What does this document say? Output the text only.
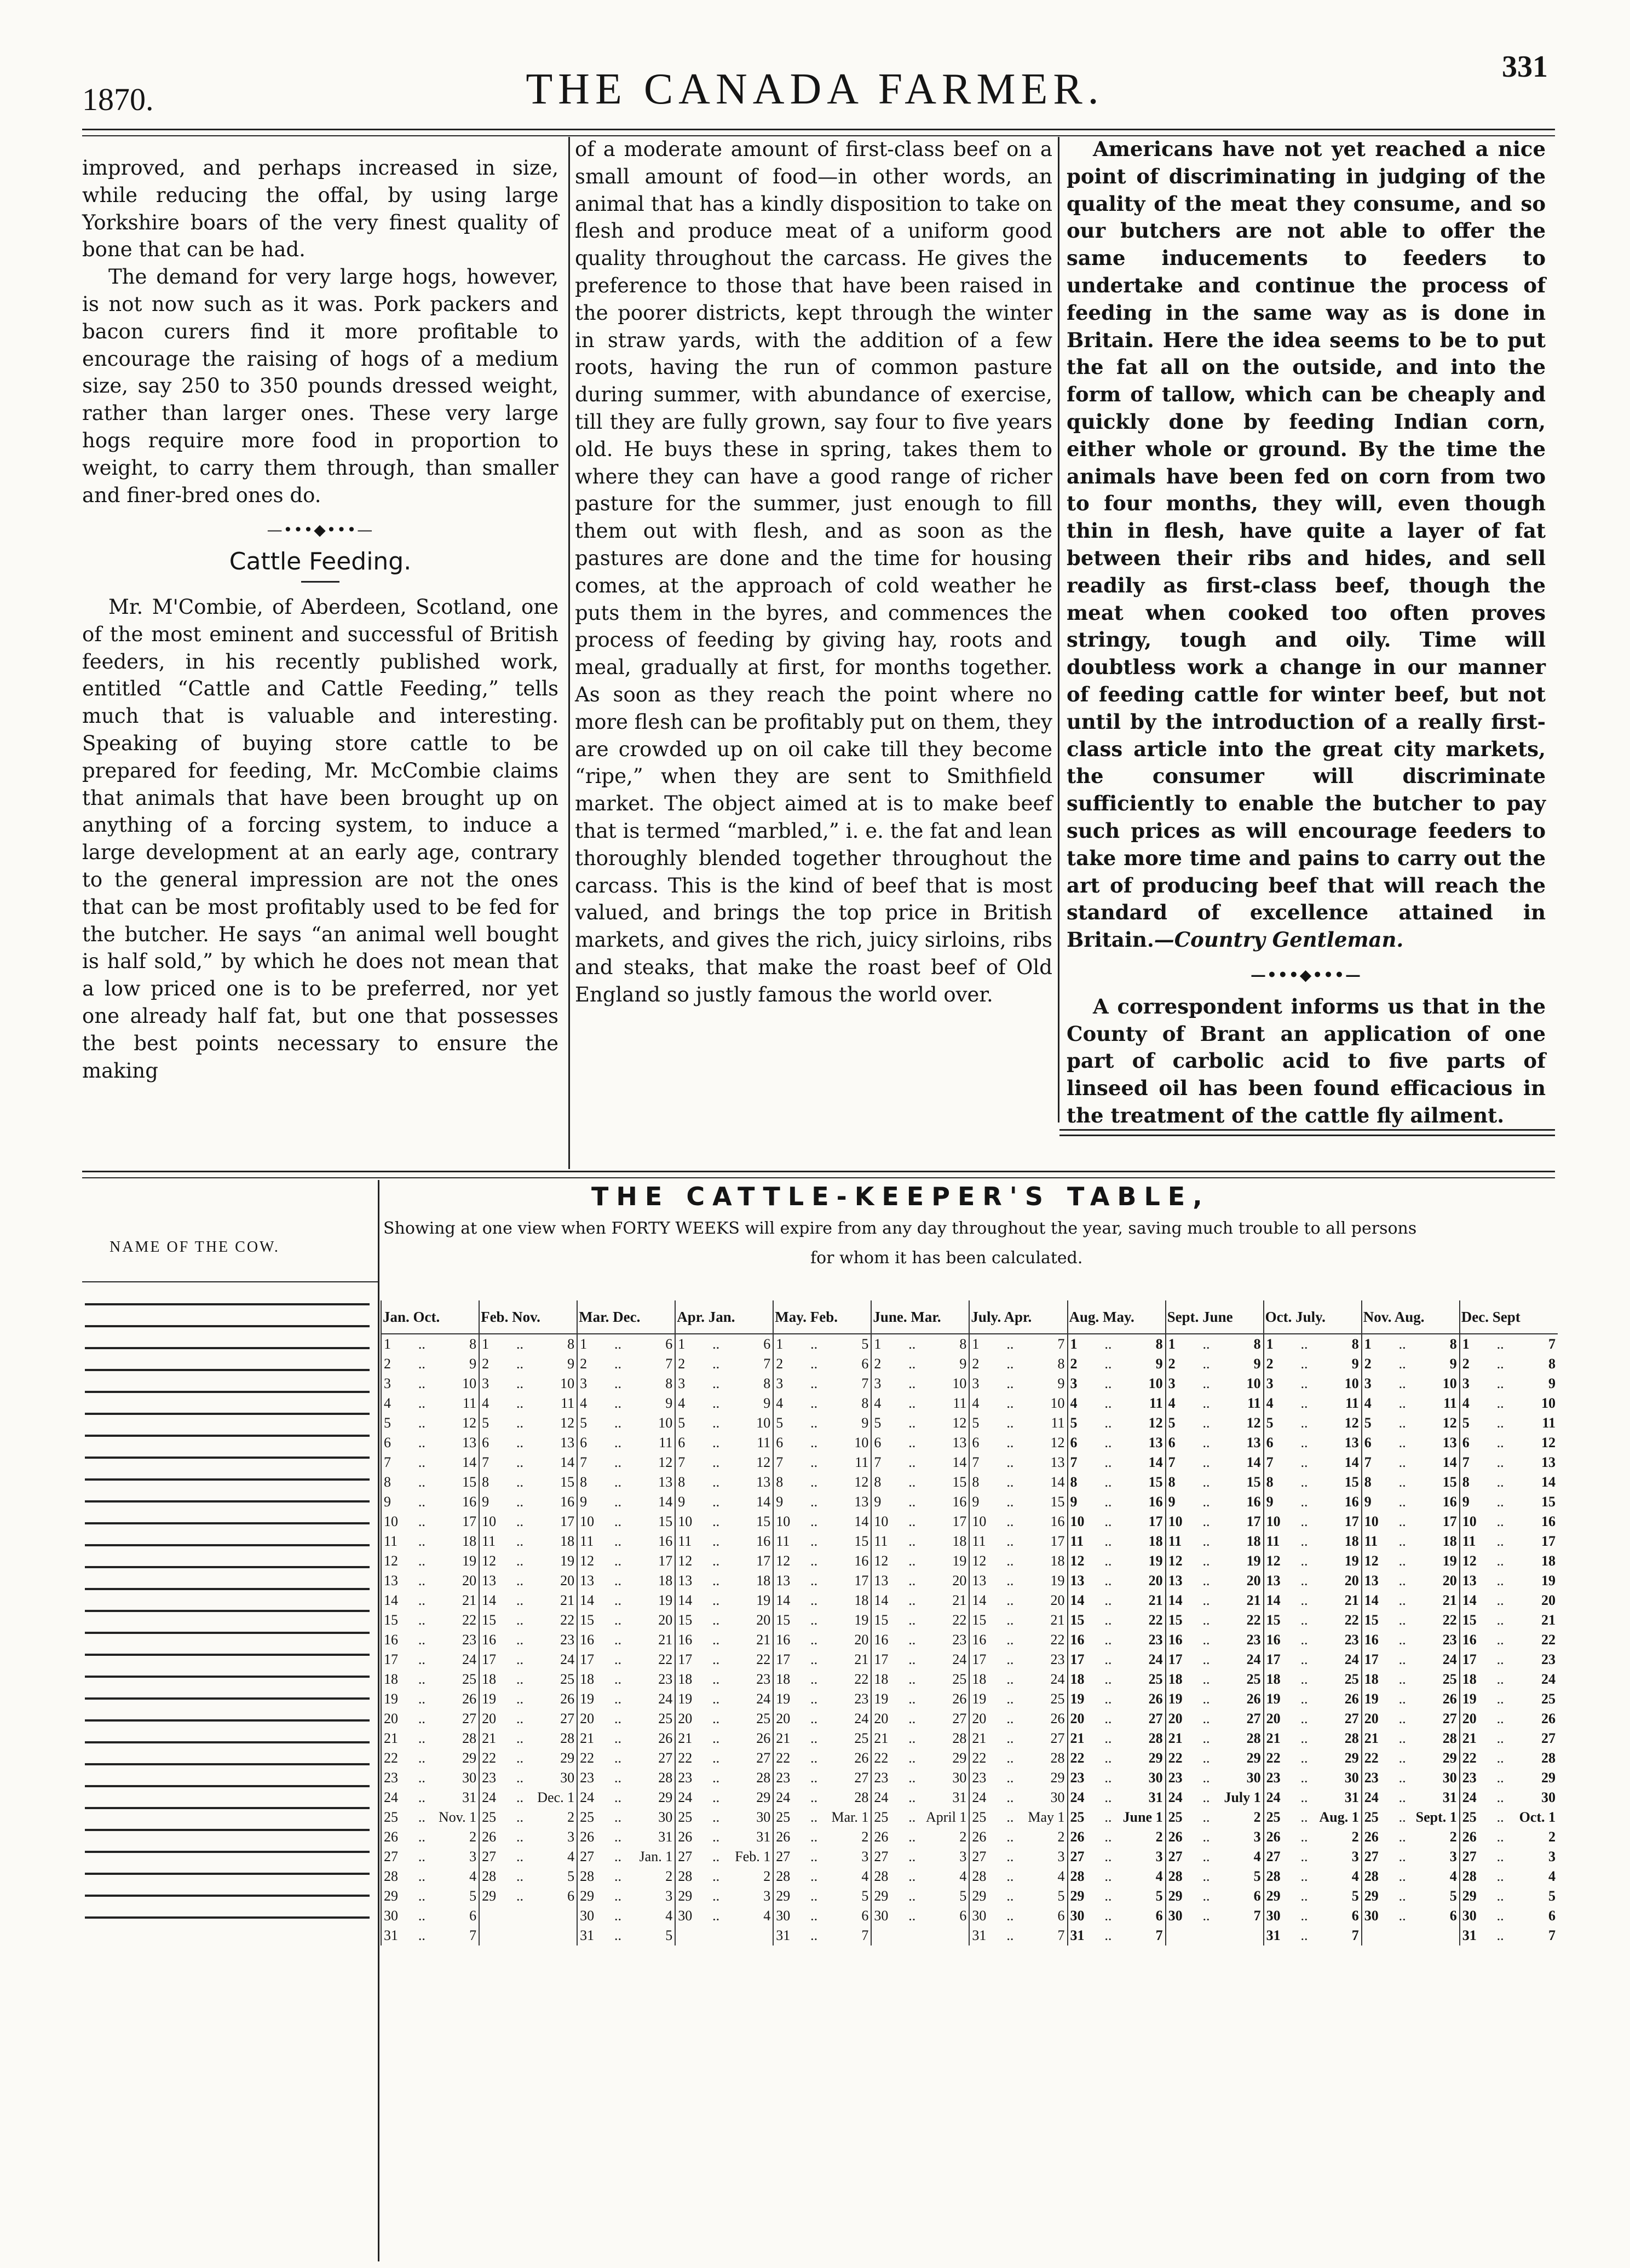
1870.	THE CANADA FARMER.	331

improved, and perhaps increased in size, while reducing the offal, by using large Yorkshire boars of the very finest quality of bone that can be had.

The demand for very large hogs, however, is not now such as it was. Pork packers and bacon curers find it more profitable to encourage the raising of hogs of a medium size, say 250 to 350 pounds dressed weight, rather than larger ones. These very large hogs require more food in proportion to weight, to carry them through, than smaller and finer-bred ones do.

—•••◆•••—
Cattle Feeding.

Mr. M'Combie, of Aberdeen, Scotland, one of the most eminent and successful of British feeders, in his recently published work, entitled “Cattle and Cattle Feeding,” tells much that is valuable and interesting. Speaking of buying store cattle to be prepared for feeding, Mr. McCombie claims that animals that have been brought up on anything of a forcing system, to induce a large development at an early age, contrary to the general impression are not the ones that can be most profitably used to be fed for the butcher. He says “an animal well bought is half sold,” by which he does not mean that a low priced one is to be preferred, nor yet one already half fat, but one that possesses the best points necessary to ensure the making

of a moderate amount of first-class beef on a small amount of food—in other words, an animal that has a kindly disposition to take on flesh and produce meat of a uniform good quality throughout the carcass. He gives the preference to those that have been raised in the poorer districts, kept through the winter in straw yards, with the addition of a few roots, having the run of common pasture during summer, with abundance of exercise, till they are fully grown, say four to five years old. He buys these in spring, takes them to where they can have a good range of richer pasture for the summer, just enough to fill them out with flesh, and as soon as the pastures are done and the time for housing comes, at the approach of cold weather he puts them in the byres, and commences the process of feeding by giving hay, roots and meal, gradually at first, for months together. As soon as they reach the point where no more flesh can be profitably put on them, they are crowded up on oil cake till they become “ripe,” when they are sent to Smithfield market. The object aimed at is to make beef that is termed “marbled,” i. e. the fat and lean thoroughly blended together throughout the carcass. This is the kind of beef that is most valued, and brings the top price in British markets, and gives the rich, juicy sirloins, ribs and steaks, that make the roast beef of Old England so justly famous the world over.

Americans have not yet reached a nice point of discriminating in judging of the quality of the meat they consume, and so our butchers are not able to offer the same inducements to feeders to undertake and continue the process of feeding in the same way as is done in Britain. Here the idea seems to be to put the fat all on the outside, and into the form of tallow, which can be cheaply and quickly done by feeding Indian corn, either whole or ground. By the time the animals have been fed on corn from two to four months, they will, even though thin in flesh, have quite a layer of fat between their ribs and hides, and sell readily as first-class beef, though the meat when cooked too often proves stringy, tough and oily. Time will doubtless work a change in our manner of feeding cattle for winter beef, but not until by the introduction of a really first-class article into the great city markets, the consumer will discriminate sufficiently to enable the butcher to pay such prices as will encourage feeders to take more time and pains to carry out the art of producing beef that will reach the standard of excellence attained in Britain.—Country Gentleman.

—•••◆•••—

A correspondent informs us that in the County of Brant an application of one part of carbolic acid to five parts of linseed oil has been found efficacious in the treatment of the cattle fly ailment.

THE CATTLE-KEEPER'S TABLE,
Showing at one view when FORTY WEEKS will expire from any day throughout the year, saving much trouble to all persons
for whom it has been calculated.
NAME OF THE COW.
Jan. Oct.			Feb. Nov.			Mar. Dec.			Apr. Jan.			May. Feb.			June. Mar.			July. Apr.			Aug. May.			Sept. June			Oct. July.			Nov. Aug.			Dec. Sept		
1	..	8	1	..	8	1	..	6	1	..	6	1	..	5	1	..	8	1	..	7	1	..	8	1	..	8	1	..	8	1	..	8	1	..	7
2	..	9	2	..	9	2	..	7	2	..	7	2	..	6	2	..	9	2	..	8	2	..	9	2	..	9	2	..	9	2	..	9	2	..	8
3	..	10	3	..	10	3	..	8	3	..	8	3	..	7	3	..	10	3	..	9	3	..	10	3	..	10	3	..	10	3	..	10	3	..	9
4	..	11	4	..	11	4	..	9	4	..	9	4	..	8	4	..	11	4	..	10	4	..	11	4	..	11	4	..	11	4	..	11	4	..	10
5	..	12	5	..	12	5	..	10	5	..	10	5	..	9	5	..	12	5	..	11	5	..	12	5	..	12	5	..	12	5	..	12	5	..	11
6	..	13	6	..	13	6	..	11	6	..	11	6	..	10	6	..	13	6	..	12	6	..	13	6	..	13	6	..	13	6	..	13	6	..	12
7	..	14	7	..	14	7	..	12	7	..	12	7	..	11	7	..	14	7	..	13	7	..	14	7	..	14	7	..	14	7	..	14	7	..	13
8	..	15	8	..	15	8	..	13	8	..	13	8	..	12	8	..	15	8	..	14	8	..	15	8	..	15	8	..	15	8	..	15	8	..	14
9	..	16	9	..	16	9	..	14	9	..	14	9	..	13	9	..	16	9	..	15	9	..	16	9	..	16	9	..	16	9	..	16	9	..	15
10	..	17	10	..	17	10	..	15	10	..	15	10	..	14	10	..	17	10	..	16	10	..	17	10	..	17	10	..	17	10	..	17	10	..	16
11	..	18	11	..	18	11	..	16	11	..	16	11	..	15	11	..	18	11	..	17	11	..	18	11	..	18	11	..	18	11	..	18	11	..	17
12	..	19	12	..	19	12	..	17	12	..	17	12	..	16	12	..	19	12	..	18	12	..	19	12	..	19	12	..	19	12	..	19	12	..	18
13	..	20	13	..	20	13	..	18	13	..	18	13	..	17	13	..	20	13	..	19	13	..	20	13	..	20	13	..	20	13	..	20	13	..	19
14	..	21	14	..	21	14	..	19	14	..	19	14	..	18	14	..	21	14	..	20	14	..	21	14	..	21	14	..	21	14	..	21	14	..	20
15	..	22	15	..	22	15	..	20	15	..	20	15	..	19	15	..	22	15	..	21	15	..	22	15	..	22	15	..	22	15	..	22	15	..	21
16	..	23	16	..	23	16	..	21	16	..	21	16	..	20	16	..	23	16	..	22	16	..	23	16	..	23	16	..	23	16	..	23	16	..	22
17	..	24	17	..	24	17	..	22	17	..	22	17	..	21	17	..	24	17	..	23	17	..	24	17	..	24	17	..	24	17	..	24	17	..	23
18	..	25	18	..	25	18	..	23	18	..	23	18	..	22	18	..	25	18	..	24	18	..	25	18	..	25	18	..	25	18	..	25	18	..	24
19	..	26	19	..	26	19	..	24	19	..	24	19	..	23	19	..	26	19	..	25	19	..	26	19	..	26	19	..	26	19	..	26	19	..	25
20	..	27	20	..	27	20	..	25	20	..	25	20	..	24	20	..	27	20	..	26	20	..	27	20	..	27	20	..	27	20	..	27	20	..	26
21	..	28	21	..	28	21	..	26	21	..	26	21	..	25	21	..	28	21	..	27	21	..	28	21	..	28	21	..	28	21	..	28	21	..	27
22	..	29	22	..	29	22	..	27	22	..	27	22	..	26	22	..	29	22	..	28	22	..	29	22	..	29	22	..	29	22	..	29	22	..	28
23	..	30	23	..	30	23	..	28	23	..	28	23	..	27	23	..	30	23	..	29	23	..	30	23	..	30	23	..	30	23	..	30	23	..	29
24	..	31	24	..	Dec. 1	24	..	29	24	..	29	24	..	28	24	..	31	24	..	30	24	..	31	24	..	July 1	24	..	31	24	..	31	24	..	30
25	..	Nov. 1	25	..	2	25	..	30	25	..	30	25	..	Mar. 1	25	..	April 1	25	..	May 1	25	..	June 1	25	..	2	25	..	Aug. 1	25	..	Sept. 1	25	..	Oct. 1
26	..	2	26	..	3	26	..	31	26	..	31	26	..	2	26	..	2	26	..	2	26	..	2	26	..	3	26	..	2	26	..	2	26	..	2
27	..	3	27	..	4	27	..	Jan. 1	27	..	Feb. 1	27	..	3	27	..	3	27	..	3	27	..	3	27	..	4	27	..	3	27	..	3	27	..	3
28	..	4	28	..	5	28	..	2	28	..	2	28	..	4	28	..	4	28	..	4	28	..	4	28	..	5	28	..	4	28	..	4	28	..	4
29	..	5	29	..	6	29	..	3	29	..	3	29	..	5	29	..	5	29	..	5	29	..	5	29	..	6	29	..	5	29	..	5	29	..	5
30	..	6				30	..	4	30	..	4	30	..	6	30	..	6	30	..	6	30	..	6	30	..	7	30	..	6	30	..	6	30	..	6
31	..	7				31	..	5				31	..	7				31	..	7	31	..	7				31	..	7				31	..	7
